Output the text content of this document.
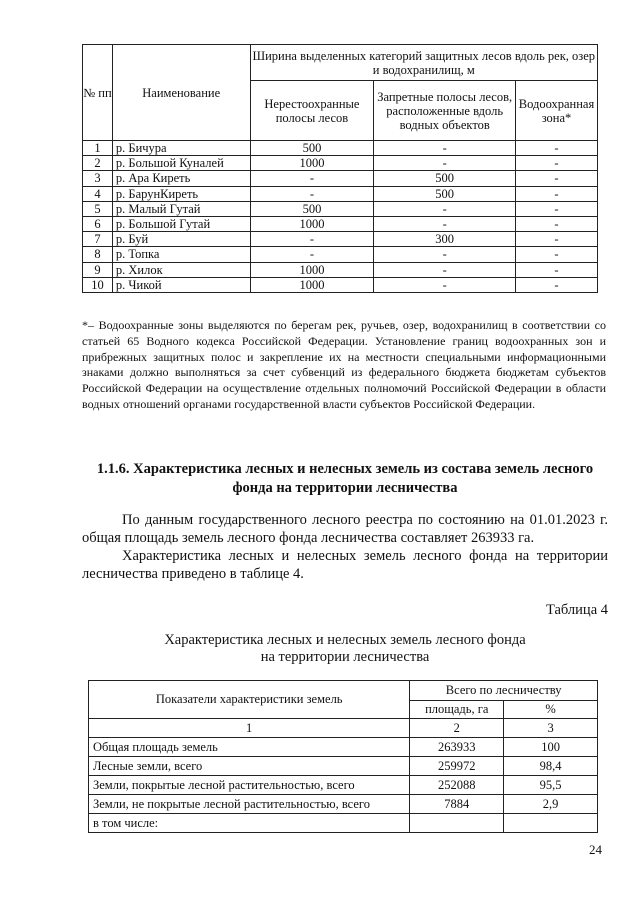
№ пп	Наименование	Ширина выделенных категорий защитных лесов вдоль рек, озер и водохранилищ, м		
		Нерестоохранные полосы лесов	Запретные полосы лесов, расположенные вдоль водных объектов	Водоохранная зона*
1	р. Бичура	500	-	-
2	р. Большой Куналей	1000	-	-
3	р. Ара Киреть	-	500	-
4	р. БарунКиреть	-	500	-
5	р. Малый Гутай	500	-	-
6	р. Большой Гутай	1000	-	-
7	р. Буй	-	300	-
8	р. Топка	-	-	-
9	р. Хилок	1000	-	-
10	р. Чикой	1000	-	-

*– Водоохранные зоны выделяются по берегам рек, ручьев, озер, водохранилищ в соответствии со статьей 65 Водного кодекса Российской Федерации. Установление границ водоохранных зон и прибрежных защитных полос и закрепление их на местности специальными информационными знаками должно выполняться за счет субвенций из федерального бюджета бюджетам субъектов Российской Федерации на осуществление отдельных полномочий Российской Федерации в области водных отношений органами государственной власти субъектов Российской Федерации.

1.1.6. Характеристика лесных и нелесных земель из состава земель лесного фонда на территории лесничества

По данным государственного лесного реестра по состоянию на 01.01.2023 г. общая площадь земель лесного фонда лесничества составляет 263933 га.

Характеристика лесных и нелесных земель лесного фонда на территории лесничества приведено в таблице 4.

Таблица 4

Характеристика лесных и нелесных земель лесного фонда
на территории лесничества
Показатели характеристики земель	Всего по лесничеству	
	площадь, га	%
1	2	3
Общая площадь земель	263933	100
Лесные земли, всего	259972	98,4
Земли, покрытые лесной растительностью, всего	252088	95,5
Земли, не покрытые лесной растительностью, всего	7884	2,9
в том числе:		

24
